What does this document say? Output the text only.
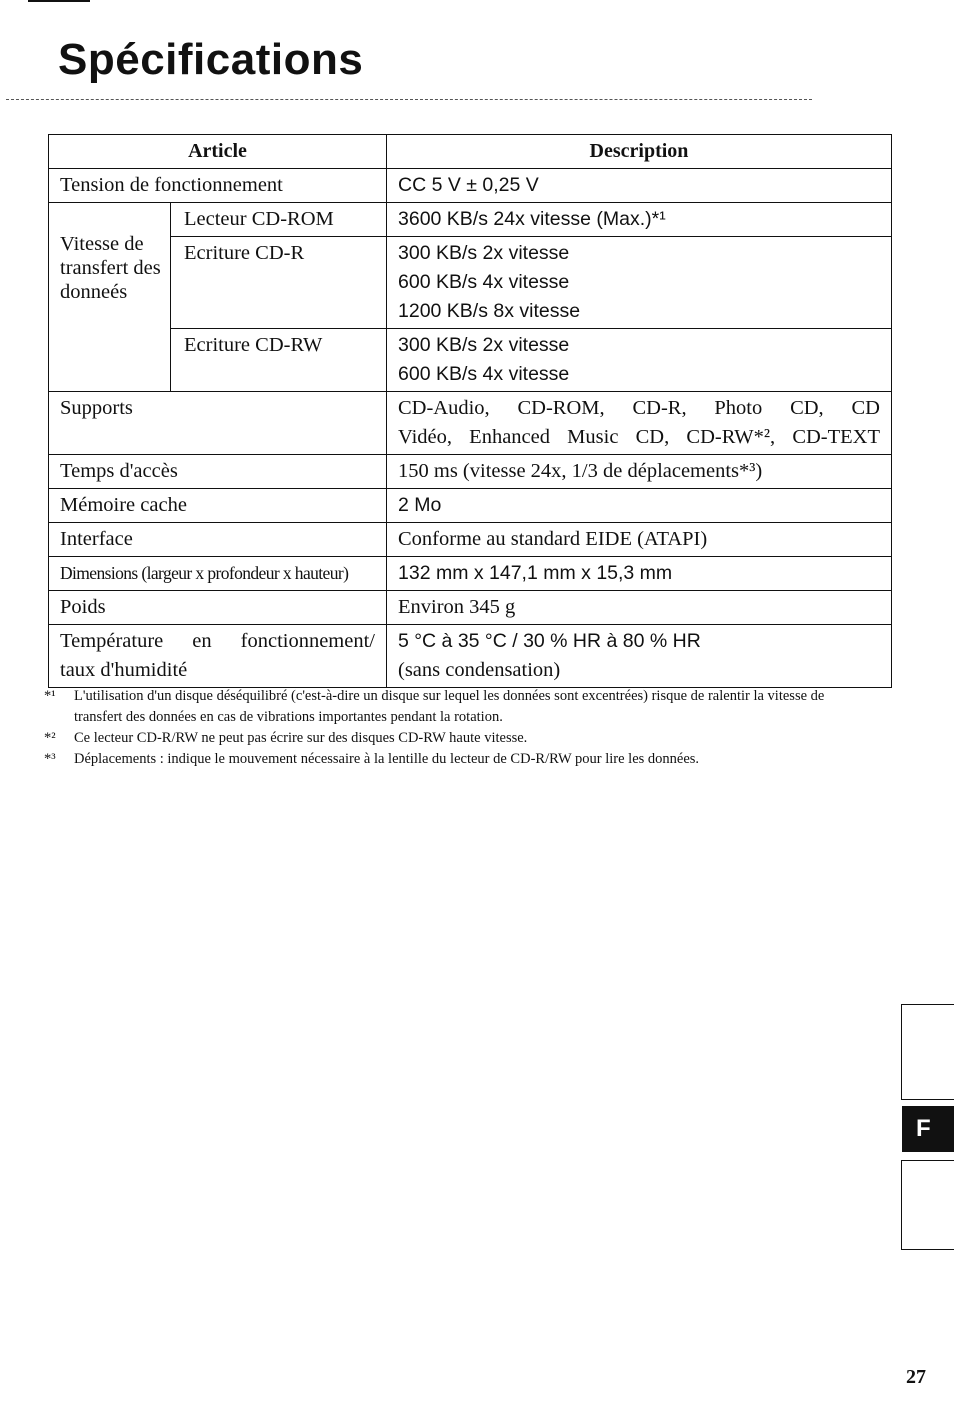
Spécifications
Article		Description
Tension de fonctionnement		CC 5 V ± 0,25 V
Vitesse de transfert des donneés	Lecteur CD-ROM	3600 KB/s 24x vitesse (Max.)*¹
	Ecriture CD-R	300 KB/s 2x vitesse
600 KB/s 4x vitesse
1200 KB/s 8x vitesse

	Ecriture CD-RW	300 KB/s 2x vitesse
600 KB/s 4x vitesse

Supports		CD-Audio, CD-ROM, CD-R, Photo CD, CD
Vidéo, Enhanced Music CD, CD-RW*², CD-TEXT

Temps d'accès		150 ms (vitesse 24x, 1/3 de déplacements*³)
Mémoire cache		2 Mo
Interface		Conforme au standard EIDE (ATAPI)
Dimensions (largeur x profondeur x hauteur)		132 mm x 147,1 mm x 15,3 mm
Poids		Environ 345 g

Température en fonctionnement/
taux d'humidité		5 °C à 35 °C / 30 % HR à 80 % HR
(sans condensation)
*¹ L'utilisation d'un disque déséquilibré (c'est-à-dire un disque sur lequel les données sont excentrées) risque de ralentir la vitesse de transfert des données en cas de vibrations importantes pendant la rotation.
*² Ce lecteur CD-R/RW ne peut pas écrire sur des disques CD-RW haute vitesse.
*³ Déplacements : indique le mouvement nécessaire à la lentille du lecteur de CD-R/RW pour lire les données.
F
27
